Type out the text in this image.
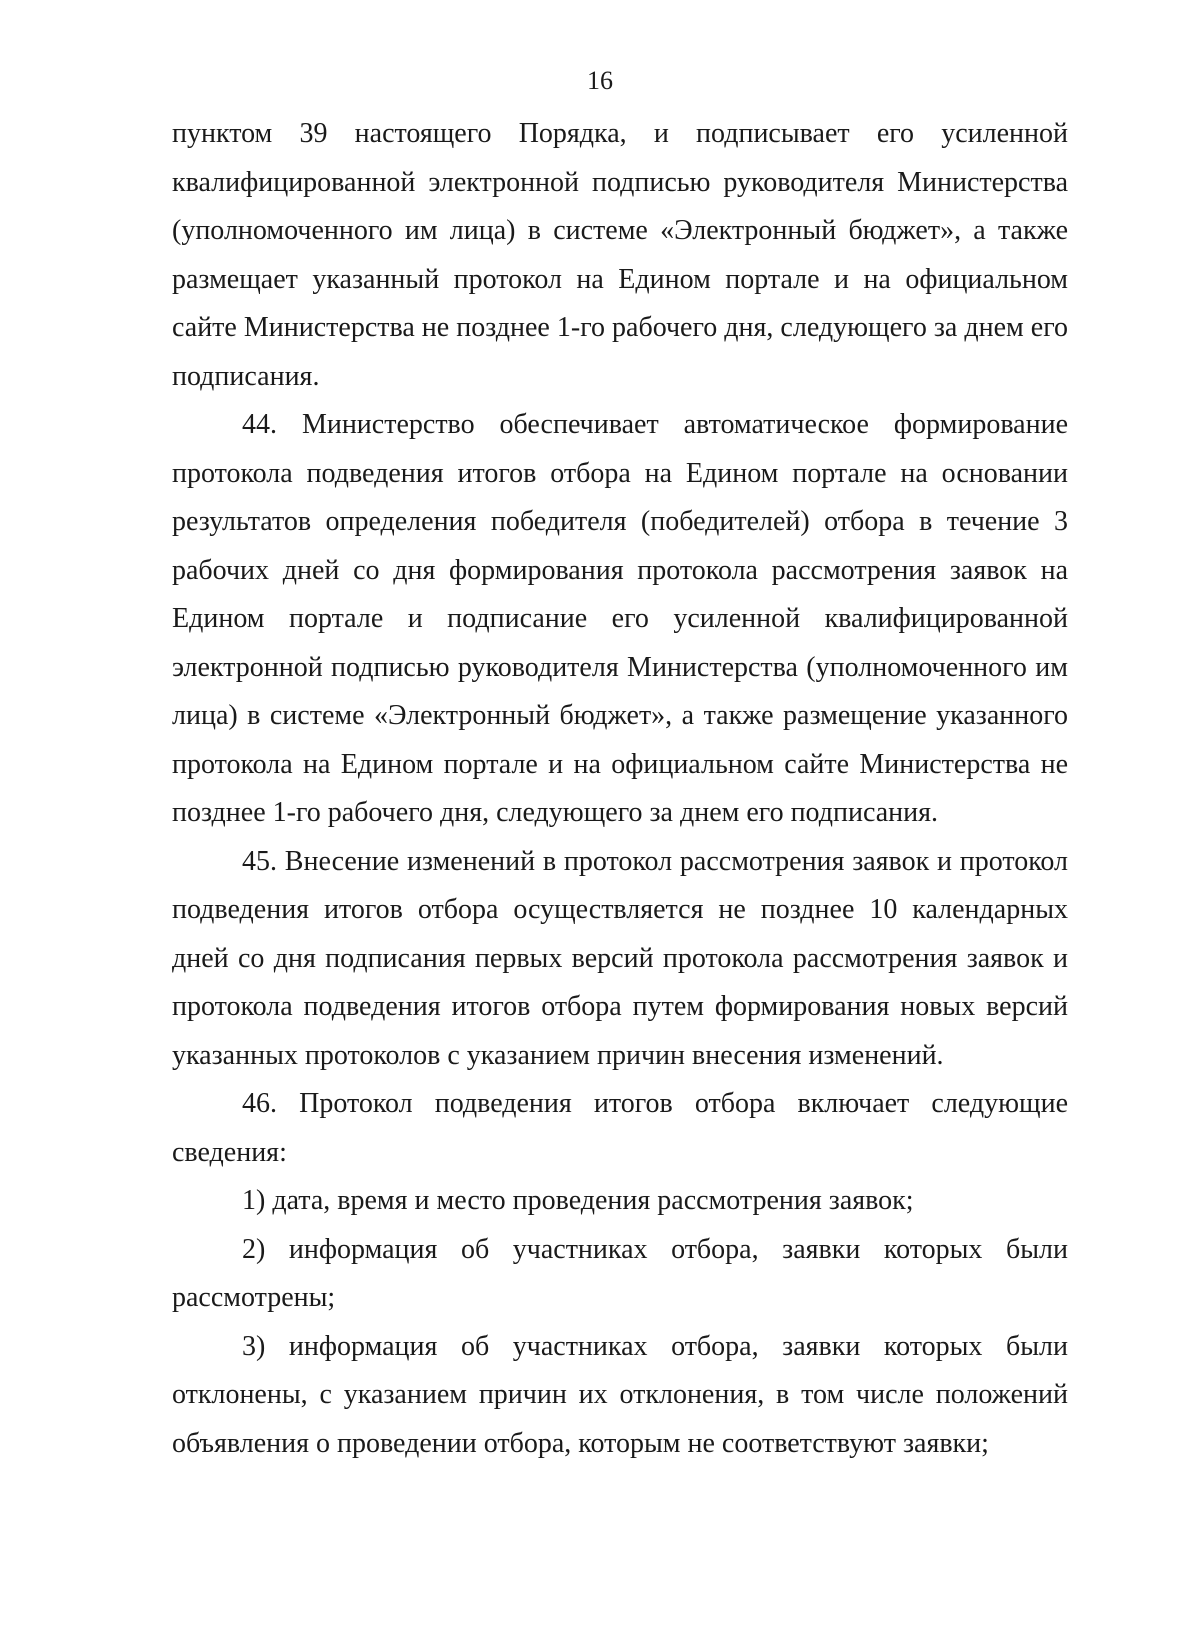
16

пунктом 39 настоящего Порядка, и подписывает его усиленной квалифицированной электронной подписью руководителя Министерства (уполномоченного им лица) в системе «Электронный бюджет», а также размещает указанный протокол на Едином портале и на официальном сайте Министерства не позднее 1-го рабочего дня, следующего за днем его подписания.

44. Министерство обеспечивает автоматическое формирование протокола подведения итогов отбора на Едином портале на основании результатов определения победителя (победителей) отбора в течение 3 рабочих дней со дня формирования протокола рассмотрения заявок на Едином портале и подписание его усиленной квалифицированной электронной подписью руководителя Министерства (уполномоченного им лица) в системе «Электронный бюджет», а также размещение указанного протокола на Едином портале и на официальном сайте Министерства не позднее 1-го рабочего дня, следующего за днем его подписания.

45. Внесение изменений в протокол рассмотрения заявок и протокол подведения итогов отбора осуществляется не позднее 10 календарных дней со дня подписания первых версий протокола рассмотрения заявок и протокола подведения итогов отбора путем формирования новых версий указанных протоколов с указанием причин внесения изменений.

46. Протокол подведения итогов отбора включает следующие сведения:

1) дата, время и место проведения рассмотрения заявок;

2) информация об участниках отбора, заявки которых были рассмотрены;

3) информация об участниках отбора, заявки которых были отклонены, с указанием причин их отклонения, в том числе положений объявления о проведении отбора, которым не соответствуют заявки;
